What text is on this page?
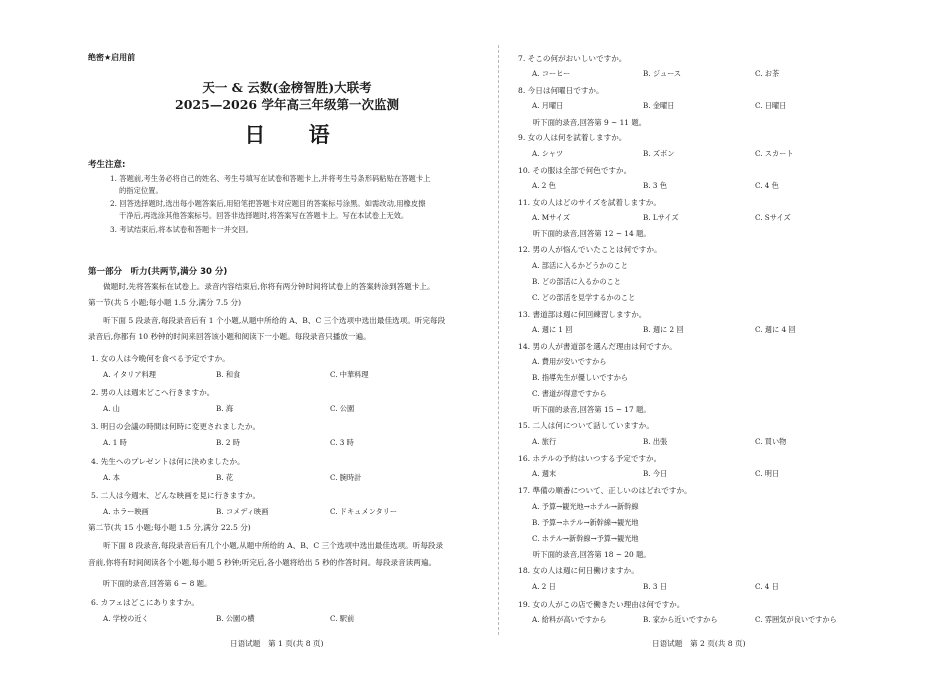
绝密★启用前
天一 & 云数(金榜智胜)大联考
2025—2026 学年高三年级第一次监测
日 语
考生注意:
1. 答题前,考生务必将自己的姓名、考生号填写在试卷和答题卡上,并将考生号条形码粘贴在答题卡上
的指定位置。
2. 回答选择题时,选出每小题答案后,用铅笔把答题卡对应题目的答案标号涂黑。如需改动,用橡皮擦
干净后,再选涂其他答案标号。回答非选择题时,将答案写在答题卡上。写在本试卷上无效。
3. 考试结束后,将本试卷和答题卡一并交回。
第一部分　听力(共两节,满分 30 分)
　　做题时,先将答案标在试卷上。录音内容结束后,你将有两分钟时间将试卷上的答案转涂到答题卡上。
第一节(共 5 小题;每小题 1.5 分,满分 7.5 分)
　　听下面 5 段录音,每段录音后有 1 个小题,从题中所给的 A、B、C 三个选项中选出最佳选项。听完每段
录音后,你都有 10 秒钟的时间来回答该小题和阅读下一小题。每段录音只播放一遍。
1. 女の人は今晩何を食べる予定ですか。
A. イタリア料理	B. 和食	C. 中華料理
2. 男の人は週末どこへ行きますか。
A. 山	B. 海	C. 公園
3. 明日の会議の時間は何時に変更されましたか。
A. 1 時	B. 2 時	C. 3 時
4. 先生へのプレゼントは何に決めましたか。
A. 本	B. 花	C. 腕時計
5. 二人は今週末、どんな映画を見に行きますか。
A. ホラー映画	B. コメディ映画	C. ドキュメンタリー
第二节(共 15 小题;每小题 1.5 分,满分 22.5 分)
　　听下面 8 段录音,每段录音后有几个小题,从题中所给的 A、B、C 三个选项中选出最佳选项。听每段录
音前,你将有时间阅读各个小题,每小题 5 秒钟;听完后,各小题将给出 5 秒的作答时间。每段录音读两遍。
　　听下面的录音,回答第 6 ~ 8 题。
6. カフェはどこにありますか。
A. 学校の近く	B. 公園の横	C. 駅前
日语试题　第 1 页(共 8 页)
7. そこの何がおいしいですか。
A. コーヒー	B. ジュース	C. お茶
8. 今日は何曜日ですか。
A. 月曜日	B. 金曜日	C. 日曜日
　　听下面的录音,回答第 9 ~ 11 题。
9. 女の人は何を試着しますか。
A. シャツ	B. ズボン	C. スカート
10. その服は全部で何色ですか。
A. 2 色	B. 3 色	C. 4 色
11. 女の人はどのサイズを試着しますか。
A. Mサイズ	B. Lサイズ	C. Sサイズ
　　听下面的录音,回答第 12 ~ 14 题。
12. 男の人が悩んでいたことは何ですか。
A. 部活に入るかどうかのこと
B. どの部活に入るかのこと
C. どの部活を見学するかのこと
13. 書道部は週に何回練習しますか。
A. 週に 1 回	B. 週に 2 回	C. 週に 4 回
14. 男の人が書道部を選んだ理由は何ですか。
A. 費用が安いですから
B. 指導先生が優しいですから
C. 書道が得意ですから
　　听下面的录音,回答第 15 ~ 17 题。
15. 二人は何について話していますか。
A. 旅行	B. 出張	C. 買い物
16. ホテルの予約はいつする予定ですか。
A. 週末	B. 今日	C. 明日
17. 準備の順番について、正しいのはどれですか。
A. 予算→観光地→ホテル→新幹線
B. 予算→ホテル→新幹線→観光地
C. ホテル→新幹線→予算→観光地
　　听下面的录音,回答第 18 ~ 20 题。
18. 女の人は週に何日働けますか。
A. 2 日	B. 3 日	C. 4 日
19. 女の人がこの店で働きたい理由は何ですか。
A. 給料が高いですから	B. 家から近いですから	C. 雰囲気が良いですから
日语试题　第 2 页(共 8 页)
